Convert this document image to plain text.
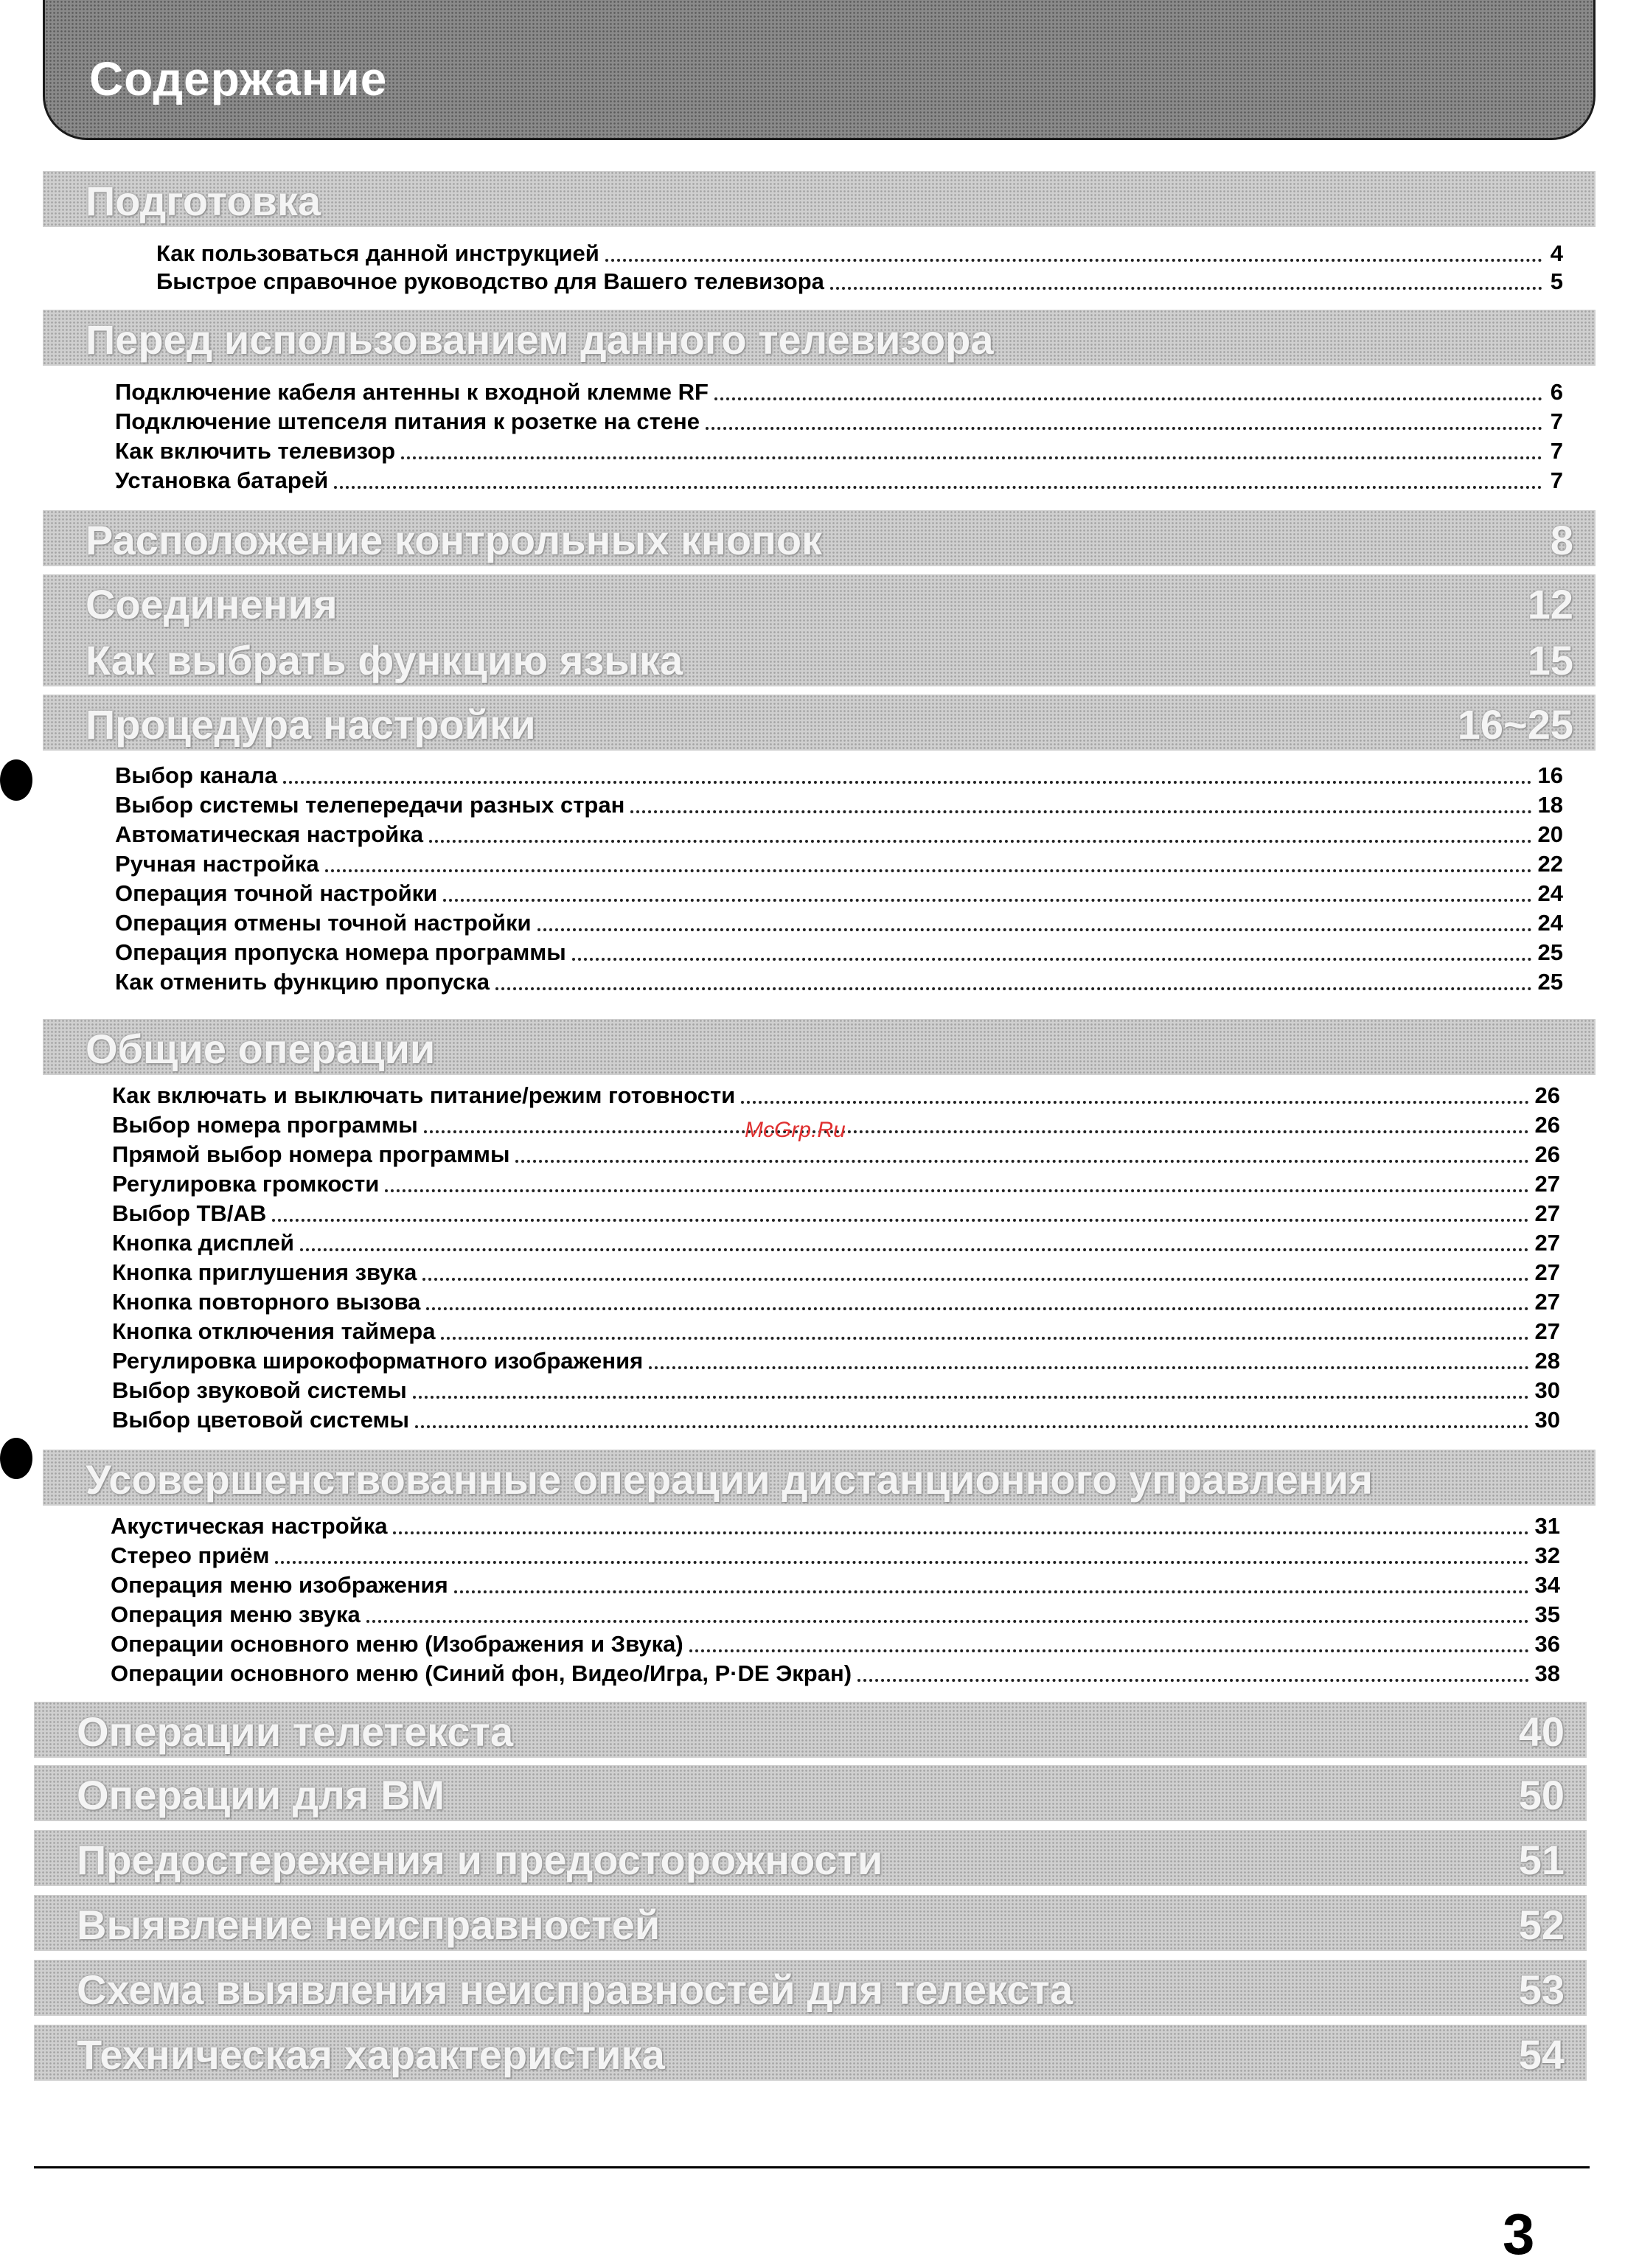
Содержание
Подготовка
Как пользоваться данной инструкцией	4
Быстрое справочное руководство для Вашего телевизора	5
Перед использованием данного телевизора
Подключение кабеля антенны к входной клемме RF	6
Подключение штепселя питания к розетке на стене	7
Как включить телевизор	7
Установка батарей	7
Расположение контрольных кнопок	8
Соединения	12
Как выбрать функцию языка	15
Процедура настройки	16~25
Выбор канала	16
Выбор системы телепередачи разных стран	18
Автоматическая настройка	20
Ручная настройка	22
Операция точной настройки	24
Операция отмены точной настройки	24
Операция пропуска номера программы	25
Как отменить функцию пропуска	25
Общие операции
Как включать и выключать питание/режим готовности	26
Выбор номера программы	26
Прямой выбор номера программы	26
Регулировка громкости	27
Выбор ТВ/АВ	27
Кнопка дисплей	27
Кнопка приглушения звука	27
Кнопка повторного вызова	27
Кнопка отключения таймера	27
Регулировка широкоформатного изображения	28
Выбор звуковой системы	30
Выбор цветовой системы	30
Усовершенствованные операции дистанционного управления
Акустическая настройка	31
Стерео приём	32
Операция меню изображения	34
Операция меню звука	35
Операции основного меню (Изображения и Звука)	36
Операции основного меню (Синий фон, Видео/Игра, P·DE Экран)	38
Операции телетекста	40
Операции для ВМ	50
Предостережения и предосторожности	51
Выявление неисправностей	52
Схема выявления неисправностей для телекста	53
Техническая характеристика	54
McGrp.Ru
3
